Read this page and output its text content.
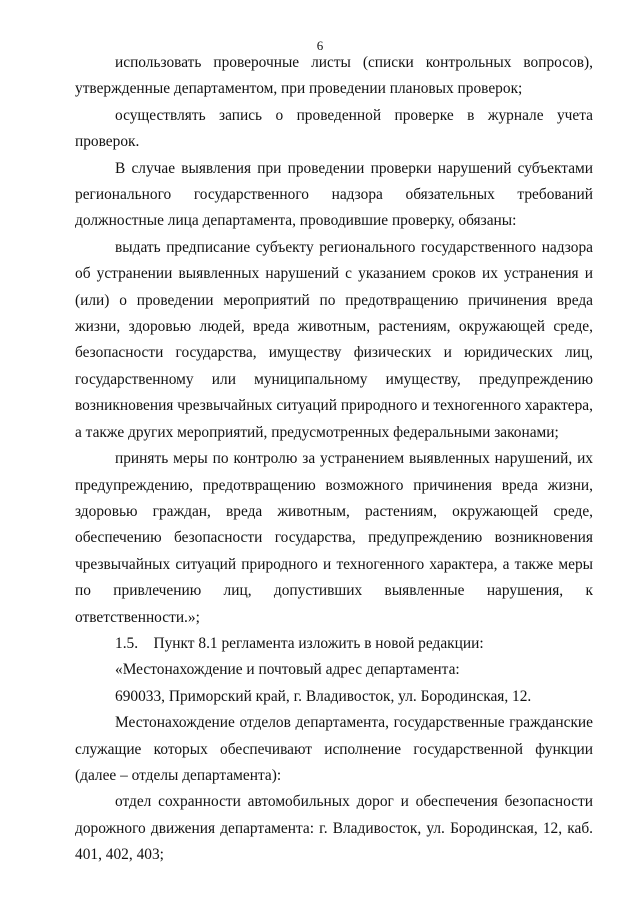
6

использовать проверочные листы (списки контрольных вопросов), утвержденные департаментом, при проведении плановых проверок;

осуществлять запись о проведенной проверке в журнале учета проверок.

В случае выявления при проведении проверки нарушений субъектами регионального государственного надзора обязательных требований должностные лица департамента, проводившие проверку, обязаны:

выдать предписание субъекту регионального государственного надзора об устранении выявленных нарушений с указанием сроков их устранения и (или) о проведении мероприятий по предотвращению причинения вреда жизни, здоровью людей, вреда животным, растениям, окружающей среде, безопасности государства, имуществу физических и юридических лиц, государственному или муниципальному имуществу, предупреждению возникновения чрезвычайных ситуаций природного и техногенного характера, а также других мероприятий, предусмотренных федеральными законами;

принять меры по контролю за устранением выявленных нарушений, их предупреждению, предотвращению возможного причинения вреда жизни, здоровью граждан, вреда животным, растениям, окружающей среде, обеспечению безопасности государства, предупреждению возникновения чрезвычайных ситуаций природного и техногенного характера, а также меры по привлечению лиц, допустивших выявленные нарушения, к ответственности.»;

1.5.    Пункт 8.1 регламента изложить в новой редакции:

«Местонахождение и почтовый адрес департамента:

690033, Приморский край, г. Владивосток, ул. Бородинская, 12.

Местонахождение отделов департамента, государственные гражданские служащие которых обеспечивают исполнение государственной функции (далее – отделы департамента):

отдел сохранности автомобильных дорог и обеспечения безопасности дорожного движения департамента: г. Владивосток, ул. Бородинская, 12, каб. 401, 402, 403;
